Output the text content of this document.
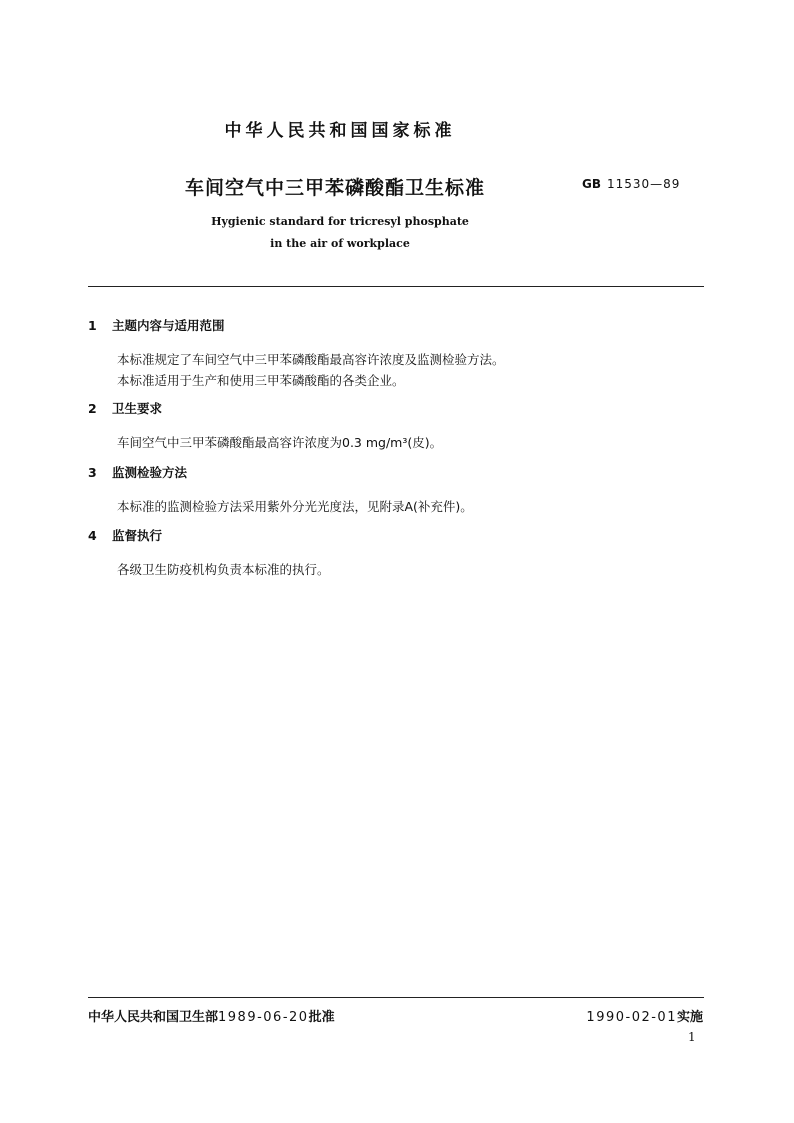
中华人民共和国国家标准
车间空气中三甲苯磷酸酯卫生标准	GB 11530—89
Hygienic standard for tricresyl phosphate
in the air of workplace
1	主题内容与适用范围

本标准规定了车间空气中三甲苯磷酸酯最高容许浓度及监测检验方法。

本标准适用于生产和使用三甲苯磷酸酯的各类企业。

2	卫生要求

车间空气中三甲苯磷酸酯最高容许浓度为0.3 mg/m³(皮)。

3	监测检验方法

本标准的监测检验方法采用紫外分光光度法，见附录A(补充件)。

4	监督执行

各级卫生防疫机构负责本标准的执行。

中华人民共和国卫生部1989-06-20批准	1990-02-01实施
1
